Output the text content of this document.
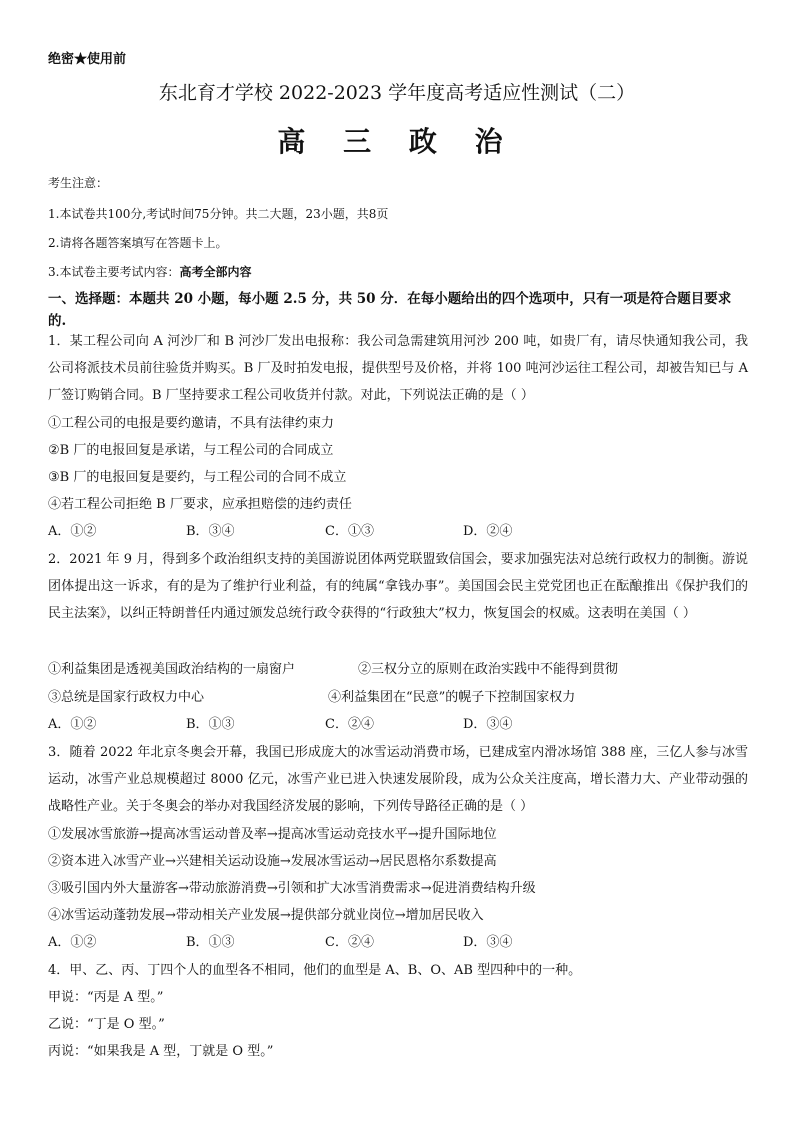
绝密★使用前
东北育才学校 2022-2023 学年度高考适应性测试（二）
高 三 政 治
考生注意：
1.本试卷共100分,考试时间75分钟。共二大题，23小题，共8页
2.请将各题答案填写在答题卡上。
3.本试卷主要考试内容：高考全部内容
一、选择题：本题共 20 小题，每小题 2.5 分，共 50 分．在每小题给出的四个选项中，只有一项是符合题目要求的.
1．某工程公司向 A 河沙厂和 B 河沙厂发出电报称：我公司急需建筑用河沙 200 吨，如贵厂有，请尽快通知我公司，我公司将派技术员前往验货并购买。B 厂及时拍发电报，提供型号及价格，并将 100 吨河沙运往工程公司，却被告知已与 A 厂签订购销合同。B 厂坚持要求工程公司收货并付款。对此，下列说法正确的是（ ）
①工程公司的电报是要约邀请，不具有法律约束力
②B 厂的电报回复是承诺，与工程公司的合同成立
③B 厂的电报回复是要约，与工程公司的合同不成立
④若工程公司拒绝 B 厂要求，应承担赔偿的违约责任
A．①②	B．③④	C．①③	D．②④
2．2021 年 9 月，得到多个政治组织支持的美国游说团体两党联盟致信国会，要求加强宪法对总统行政权力的制衡。游说团体提出这一诉求，有的是为了维护行业利益，有的纯属“拿钱办事”。美国国会民主党党团也正在酝酿推出《保护我们的民主法案》，以纠正特朗普任内通过颁发总统行政令获得的“行政独大”权力，恢复国会的权威。这表明在美国（ ）
①利益集团是透视美国政治结构的一扇窗户	②三权分立的原则在政治实践中不能得到贯彻
③总统是国家行政权力中心	④利益集团在“民意”的幌子下控制国家权力
A．①②	B．①③	C．②④	D．③④
3．随着 2022 年北京冬奥会开幕，我国已形成庞大的冰雪运动消费市场，已建成室内滑冰场馆 388 座，三亿人参与冰雪运动，冰雪产业总规模超过 8000 亿元，冰雪产业已进入快速发展阶段，成为公众关注度高，增长潜力大、产业带动强的战略性产业。关于冬奥会的举办对我国经济发展的影响，下列传导路径正确的是（ ）
①发展冰雪旅游→提高冰雪运动普及率→提高冰雪运动竞技水平→提升国际地位
②资本进入冰雪产业→兴建相关运动设施→发展冰雪运动→居民恩格尔系数提高
③吸引国内外大量游客→带动旅游消费→引领和扩大冰雪消费需求→促进消费结构升级
④冰雪运动蓬勃发展→带动相关产业发展→提供部分就业岗位→增加居民收入
A．①②	B．①③	C．②④	D．③④
4．甲、乙、丙、丁四个人的血型各不相同，他们的血型是 A、B、O、AB 型四种中的一种。
甲说：“丙是 A 型。”
乙说：“丁是 O 型。”
丙说：“如果我是 A 型，丁就是 O 型。”
